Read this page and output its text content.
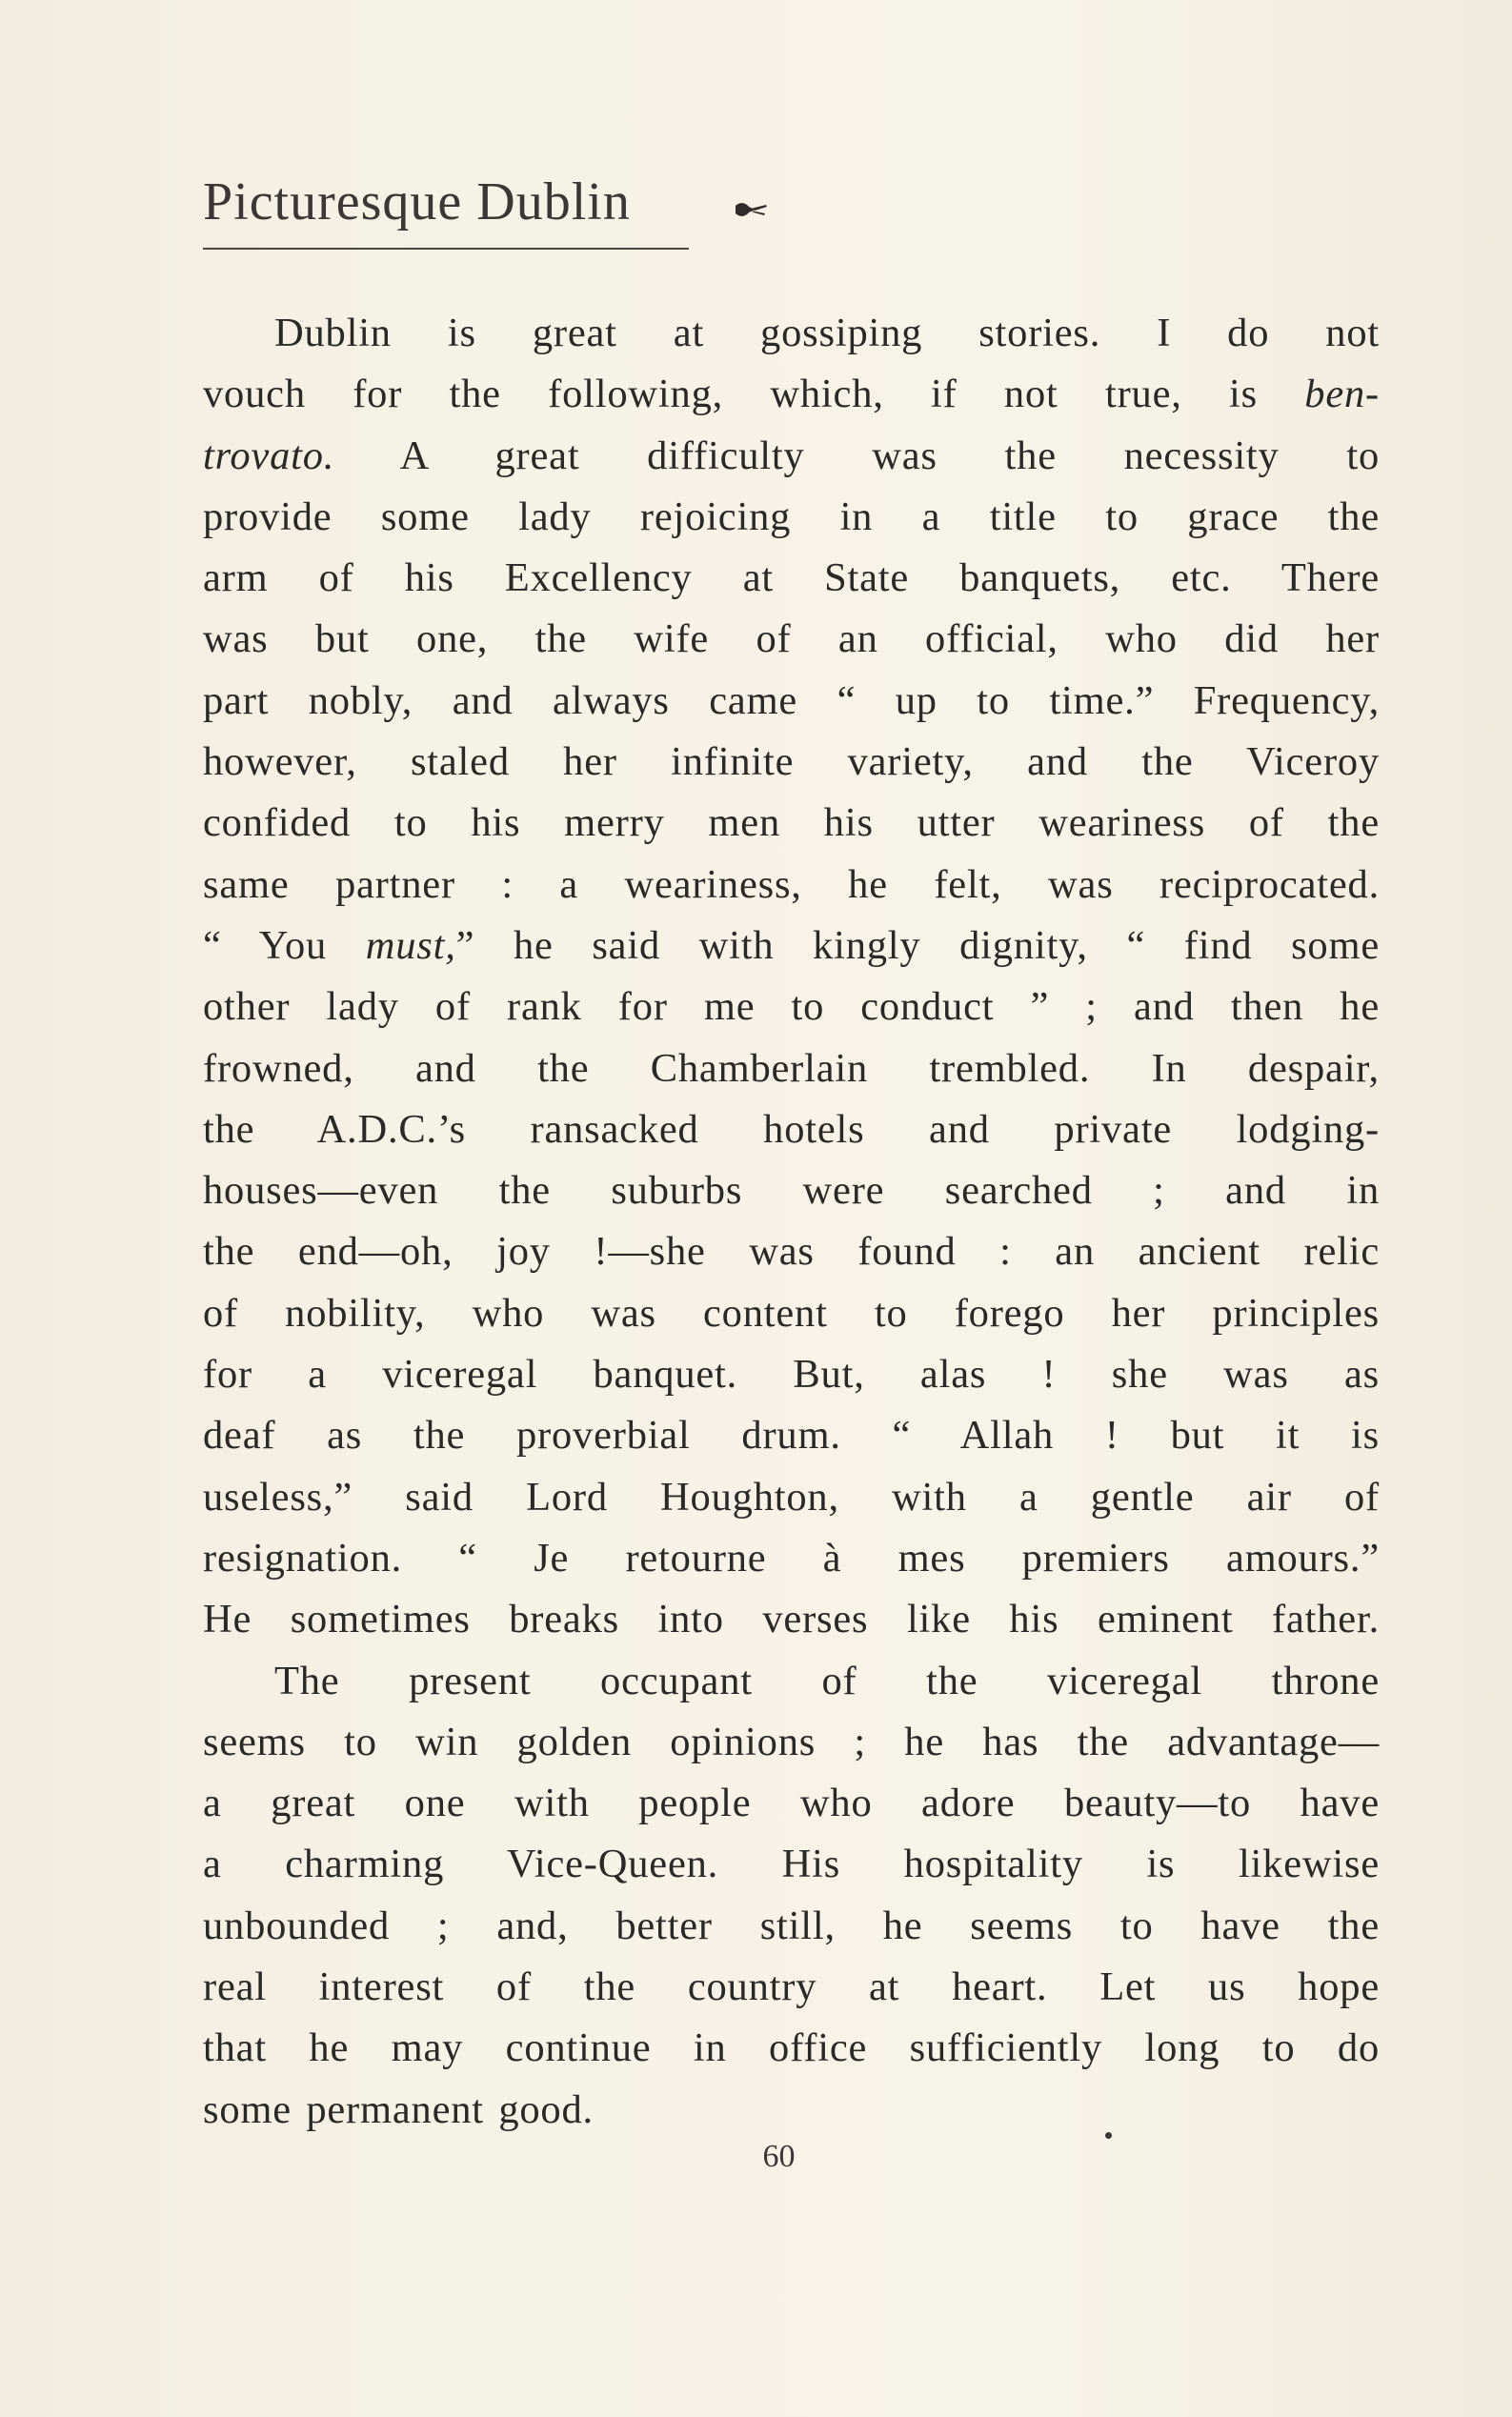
Picturesque Dublin
Dublin is great at gossiping stories. I do not
vouch for the following, which, if not true, is ben-
trovato. A great difficulty was the necessity to
provide some lady rejoicing in a title to grace the
arm of his Excellency at State banquets, etc. There
was but one, the wife of an official, who did her
part nobly, and always came “ up to time.” Frequency,
however, staled her infinite variety, and the Viceroy
confided to his merry men his utter weariness of the
same partner : a weariness, he felt, was reciprocated.
“ You must,” he said with kingly dignity, “ find some
other lady of rank for me to conduct ” ; and then he
frowned, and the Chamberlain trembled. In despair,
the A.D.C.’s ransacked hotels and private lodging-
houses—even the suburbs were searched ; and in
the end—oh, joy !—she was found : an ancient relic
of nobility, who was content to forego her principles
for a viceregal banquet. But, alas ! she was as
deaf as the proverbial drum. “ Allah ! but it is
useless,” said Lord Houghton, with a gentle air of
resignation. “ Je retourne à mes premiers amours.”
He sometimes breaks into verses like his eminent father.
The present occupant of the viceregal throne
seems to win golden opinions ; he has the advantage—
a great one with people who adore beauty—to have
a charming Vice-Queen. His hospitality is likewise
unbounded ; and, better still, he seems to have the
real interest of the country at heart. Let us hope
that he may continue in office sufficiently long to do
some permanent good.
60
